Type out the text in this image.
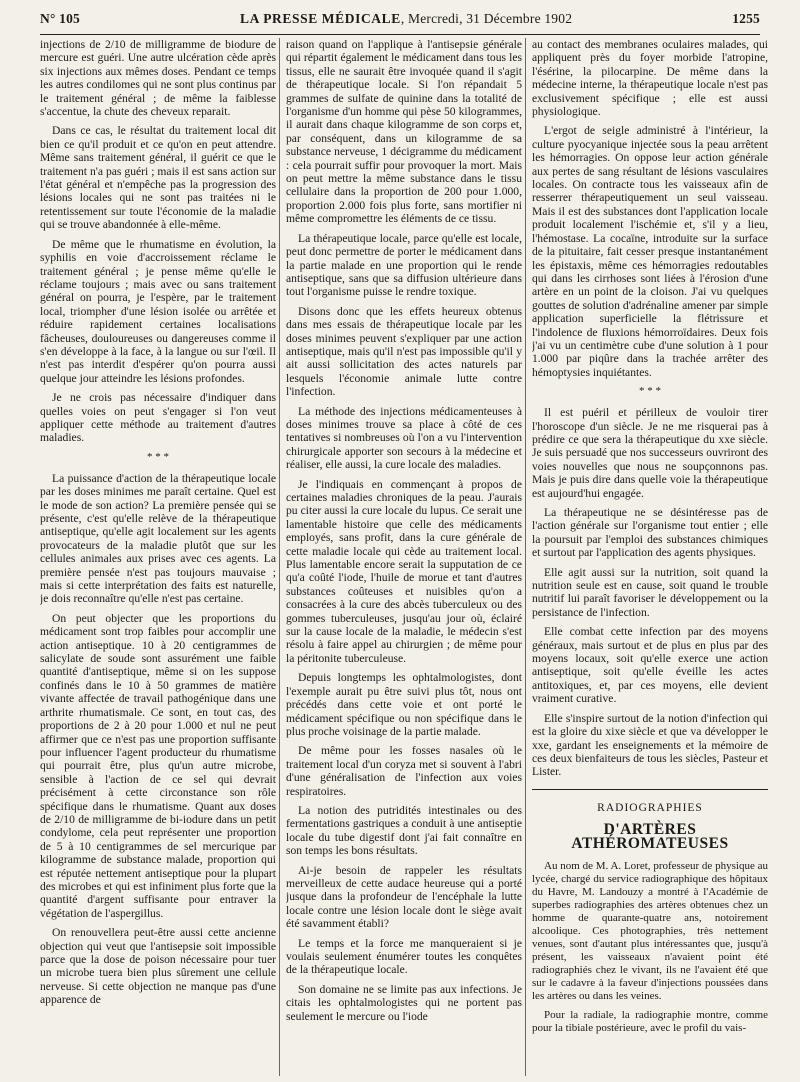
N° 105	LA PRESSE MÉDICALE, Mercredi, 31 Décembre 1902	1255

injections de 2/10 de milligramme de biodure de mercure est guéri. Une autre ulcération cède après six injections aux mêmes doses. Pendant ce temps les autres condilomes qui ne sont plus continus par le traitement général ; de même la faiblesse s'accentue, la chute des cheveux reparait.

Dans ce cas, le résultat du traitement local dit bien ce qu'il produit et ce qu'on en peut attendre. Même sans traitement général, il guérit ce que le traitement n'a pas guéri ; mais il est sans action sur l'état général et n'empêche pas la progression des lésions locales qui ne sont pas traitées ni le retentissement sur toute l'économie de la maladie qui se trouve abandonnée à elle-même.

De même que le rhumatisme en évolution, la syphilis en voie d'accroissement réclame le traitement général ; je pense même qu'elle le réclame toujours ; mais avec ou sans traitement général on pourra, je l'espère, par le traitement local, triompher d'une lésion isolée ou arrêtée et réduire rapidement certaines localisations fâcheuses, douloureuses ou dangereuses comme il s'en développe à la face, à la langue ou sur l'œil. Il n'est pas interdit d'espérer qu'on pourra aussi quelque jour atteindre les lésions profondes.

Je ne crois pas nécessaire d'indiquer dans quelles voies on peut s'engager si l'on veut appliquer cette méthode au traitement d'autres maladies.

* * *

La puissance d'action de la thérapeutique locale par les doses minimes me paraît certaine. Quel est le mode de son action? La première pensée qui se présente, c'est qu'elle relève de la thérapeutique antiseptique, qu'elle agit localement sur les agents provocateurs de la maladie plutôt que sur les cellules animales aux prises avec ces agents. La première pensée n'est pas toujours mauvaise ; mais si cette interprétation des faits est naturelle, je dois reconnaître qu'elle n'est pas certaine.

On peut objecter que les proportions du médicament sont trop faibles pour accomplir une action antiseptique. 10 à 20 centigrammes de salicylate de soude sont assurément une faible quantité d'antiseptique, même si on les suppose confinés dans le 10 à 50 grammes de matière vivante affectée de travail pathogénique dans une arthrite rhumatismale. Ce sont, en tout cas, des proportions de 2 à 20 pour 1.000 et nul ne peut affirmer que ce n'est pas une proportion suffisante pour influencer l'agent producteur du rhumatisme qui pourrait être, plus qu'un autre microbe, sensible à l'action de ce sel qui devrait précisément à cette circonstance son rôle spécifique dans le rhumatisme. Quant aux doses de 2/10 de milligramme de bi-iodure dans un petit condylome, cela peut représenter une proportion de 5 à 10 centigrammes de sel mercurique par kilogramme de substance malade, proportion qui est réputée nettement antiseptique pour la plupart des microbes et qui est infiniment plus forte que la quantité d'argent suffisante pour entraver la végétation de l'aspergillus.

On renouvellera peut-être aussi cette ancienne objection qui veut que l'antisepsie soit impossible parce que la dose de poison nécessaire pour tuer un microbe tuera bien plus sûrement une cellule nerveuse. Si cette objection ne manque pas d'une apparence de

raison quand on l'applique à l'antisepsie générale qui répartit également le médicament dans tous les tissus, elle ne saurait être invoquée quand il s'agit de thérapeutique locale. Si l'on répandait 5 grammes de sulfate de quinine dans la totalité de l'organisme d'un homme qui pèse 50 kilogrammes, il aurait dans chaque kilogramme de son corps et, par conséquent, dans un kilogramme de sa substance nerveuse, 1 décigramme du médicament : cela pourrait suffir pour provoquer la mort. Mais on peut mettre la même substance dans le tissu cellulaire dans la proportion de 200 pour 1.000, proportion 2.000 fois plus forte, sans mortifier ni même compromettre les éléments de ce tissu.

La thérapeutique locale, parce qu'elle est locale, peut donc permettre de porter le médicament dans la partie malade en une proportion qui le rende antiseptique, sans que sa diffusion ultérieure dans tout l'organisme puisse le rendre toxique.

Disons donc que les effets heureux obtenus dans mes essais de thérapeutique locale par les doses minimes peuvent s'expliquer par une action antiseptique, mais qu'il n'est pas impossible qu'il y ait aussi sollicitation des actes naturels par lesquels l'économie animale lutte contre l'infection.

La méthode des injections médicamenteuses à doses minimes trouve sa place à côté de ces tentatives si nombreuses où l'on a vu l'intervention chirurgicale apporter son secours à la médecine et réaliser, elle aussi, la cure locale des maladies.

Je l'indiquais en commençant à propos de certaines maladies chroniques de la peau. J'aurais pu citer aussi la cure locale du lupus. Ce serait une lamentable histoire que celle des médicaments employés, sans profit, dans la cure générale de cette maladie locale qui cède au traitement local. Plus lamentable encore serait la supputation de ce qu'a coûté l'iode, l'huile de morue et tant d'autres substances coûteuses et nuisibles qu'on a consacrées à la cure des abcès tuberculeux ou des gommes tuberculeuses, jusqu'au jour où, éclairé sur la cause locale de la maladie, le médecin s'est résolu à faire appel au chirurgien ; de même pour la péritonite tuberculeuse.

Depuis longtemps les ophtalmologistes, dont l'exemple aurait pu être suivi plus tôt, nous ont précédés dans cette voie et ont porté le médicament spécifique ou non spécifique dans le plus proche voisinage de la partie malade.

De même pour les fosses nasales où le traitement local d'un coryza met si souvent à l'abri d'une généralisation de l'infection aux voies respiratoires.

La notion des putridités intestinales ou des fermentations gastriques a conduit à une antiseptie locale du tube digestif dont j'ai fait connaître en son temps les bons résultats.

Ai-je besoin de rappeler les résultats merveilleux de cette audace heureuse qui a porté jusque dans la profondeur de l'encéphale la lutte locale contre une lésion locale dont le siège avait été savamment établi?

Le temps et la force me manqueraient si je voulais seulement énumérer toutes les conquêtes de la thérapeutique locale.

Son domaine ne se limite pas aux infections. Je citais les ophtalmologistes qui ne portent pas seulement le mercure ou l'iode

au contact des membranes oculaires malades, qui appliquent près du foyer morbide l'atropine, l'ésérine, la pilocarpine. De même dans la médecine interne, la thérapeutique locale n'est pas exclusivement spécifique ; elle est aussi physiologique.

L'ergot de seigle administré à l'intérieur, la culture pyocyanique injectée sous la peau arrêtent les hémorragies. On oppose leur action générale aux pertes de sang résultant de lésions vasculaires locales. On contracte tous les vaisseaux afin de resserrer thérapeutiquement un seul vaisseau. Mais il est des substances dont l'application locale produit localement l'ischémie et, s'il y a lieu, l'hémostase. La cocaïne, introduite sur la surface de la pituitaire, fait cesser presque instantanément les épistaxis, même ces hémorragies redoutables qui dans les cirrhoses sont liées à l'érosion d'une artère en un point de la cloison. J'ai vu quelques gouttes de solution d'adrénaline amener par simple application superficielle la flétrissure et l'indolence de fluxions hémorroïdaires. Deux fois j'ai vu un centimètre cube d'une solution à 1 pour 1.000 par piqûre dans la trachée arrêter des hémoptysies inquiétantes.

* * *

Il est puéril et périlleux de vouloir tirer l'horoscope d'un siècle. Je ne me risquerai pas à prédire ce que sera la thérapeutique du xxe siècle. Je suis persuadé que nos successeurs ouvriront des voies nouvelles que nous ne soupçonnons pas. Mais je puis dire dans quelle voie la thérapeutique est aujourd'hui engagée.

La thérapeutique ne se désintéresse pas de l'action générale sur l'organisme tout entier ; elle la poursuit par l'emploi des substances chimiques et surtout par l'application des agents physiques.

Elle agit aussi sur la nutrition, soit quand la nutrition seule est en cause, soit quand le trouble nutritif lui paraît favoriser le développement ou la persistance de l'infection.

Elle combat cette infection par des moyens généraux, mais surtout et de plus en plus par des moyens locaux, soit qu'elle exerce une action antiseptique, soit qu'elle éveille les actes antitoxiques, et, par ces moyens, elle devient vraiment curative.

Elle s'inspire surtout de la notion d'infection qui est la gloire du xixe siècle et que va développer le xxe, gardant les enseignements et la mémoire de ces deux bienfaiteurs de tous les siècles, Pasteur et Lister.

RADIOGRAPHIES
D'ARTÈRES ATHÉROMATEUSES

Au nom de M. A. Loret, professeur de physique au lycée, chargé du service radiographique des hôpitaux du Havre, M. Landouzy a montré à l'Académie de superbes radiographies des artères obtenues chez un homme de quarante-quatre ans, notoirement alcoolique. Ces photographies, très nettement venues, sont d'autant plus intéressantes que, jusqu'à présent, les vaisseaux n'avaient point été radiographiés chez le vivant, ils ne l'avaient été que sur le cadavre à la faveur d'injections poussées dans les artères ou dans les veines.

Pour la radiale, la radiographie montre, comme pour la tibiale postérieure, avec le profil du vais-
